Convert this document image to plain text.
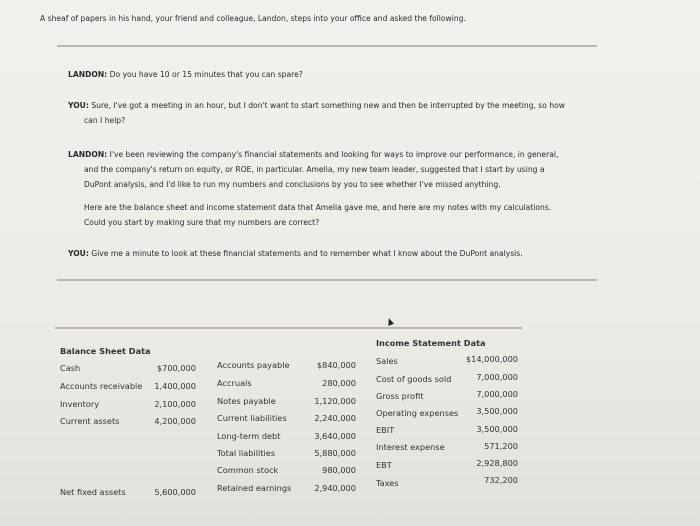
A sheaf of papers in his hand, your friend and colleague, Landon, steps into your office and asked the following.
LANDON: Do you have 10 or 15 minutes that you can spare?
YOU: Sure, I've got a meeting in an hour, but I don't want to start something new and then be interrupted by the meeting, so how
can I help?
LANDON: I've been reviewing the company's financial statements and looking for ways to improve our performance, in general,
and the company's return on equity, or ROE, in particular. Amelia, my new team leader, suggested that I start by using a
DuPont analysis, and I'd like to run my numbers and conclusions by you to see whether I've missed anything.
Here are the balance sheet and income statement data that Amelia gave me, and here are my notes with my calculations.
Could you start by making sure that my numbers are correct?
YOU: Give me a minute to look at these financial statements and to remember what I know about the DuPont analysis.
Income Statement Data
Balance Sheet Data
Cash	$700,000
Accounts receivable	1,400,000
Inventory	2,100,000
Current assets	4,200,000
Net fixed assets	5,600,000
Accounts payable	$840,000
Accruals	280,000
Notes payable	1,120,000
Current liabilities	2,240,000
Long-term debt	3,640,000
Total liabilities	5,880,000
Common stock	980,000
Retained earnings	2,940,000
Sales	$14,000,000
Cost of goods sold	7,000,000
Gross profit	7,000,000
Operating expenses	3,500,000
EBIT	3,500,000
Interest expense	571,200
EBT	2,928,800
Taxes	732,200
